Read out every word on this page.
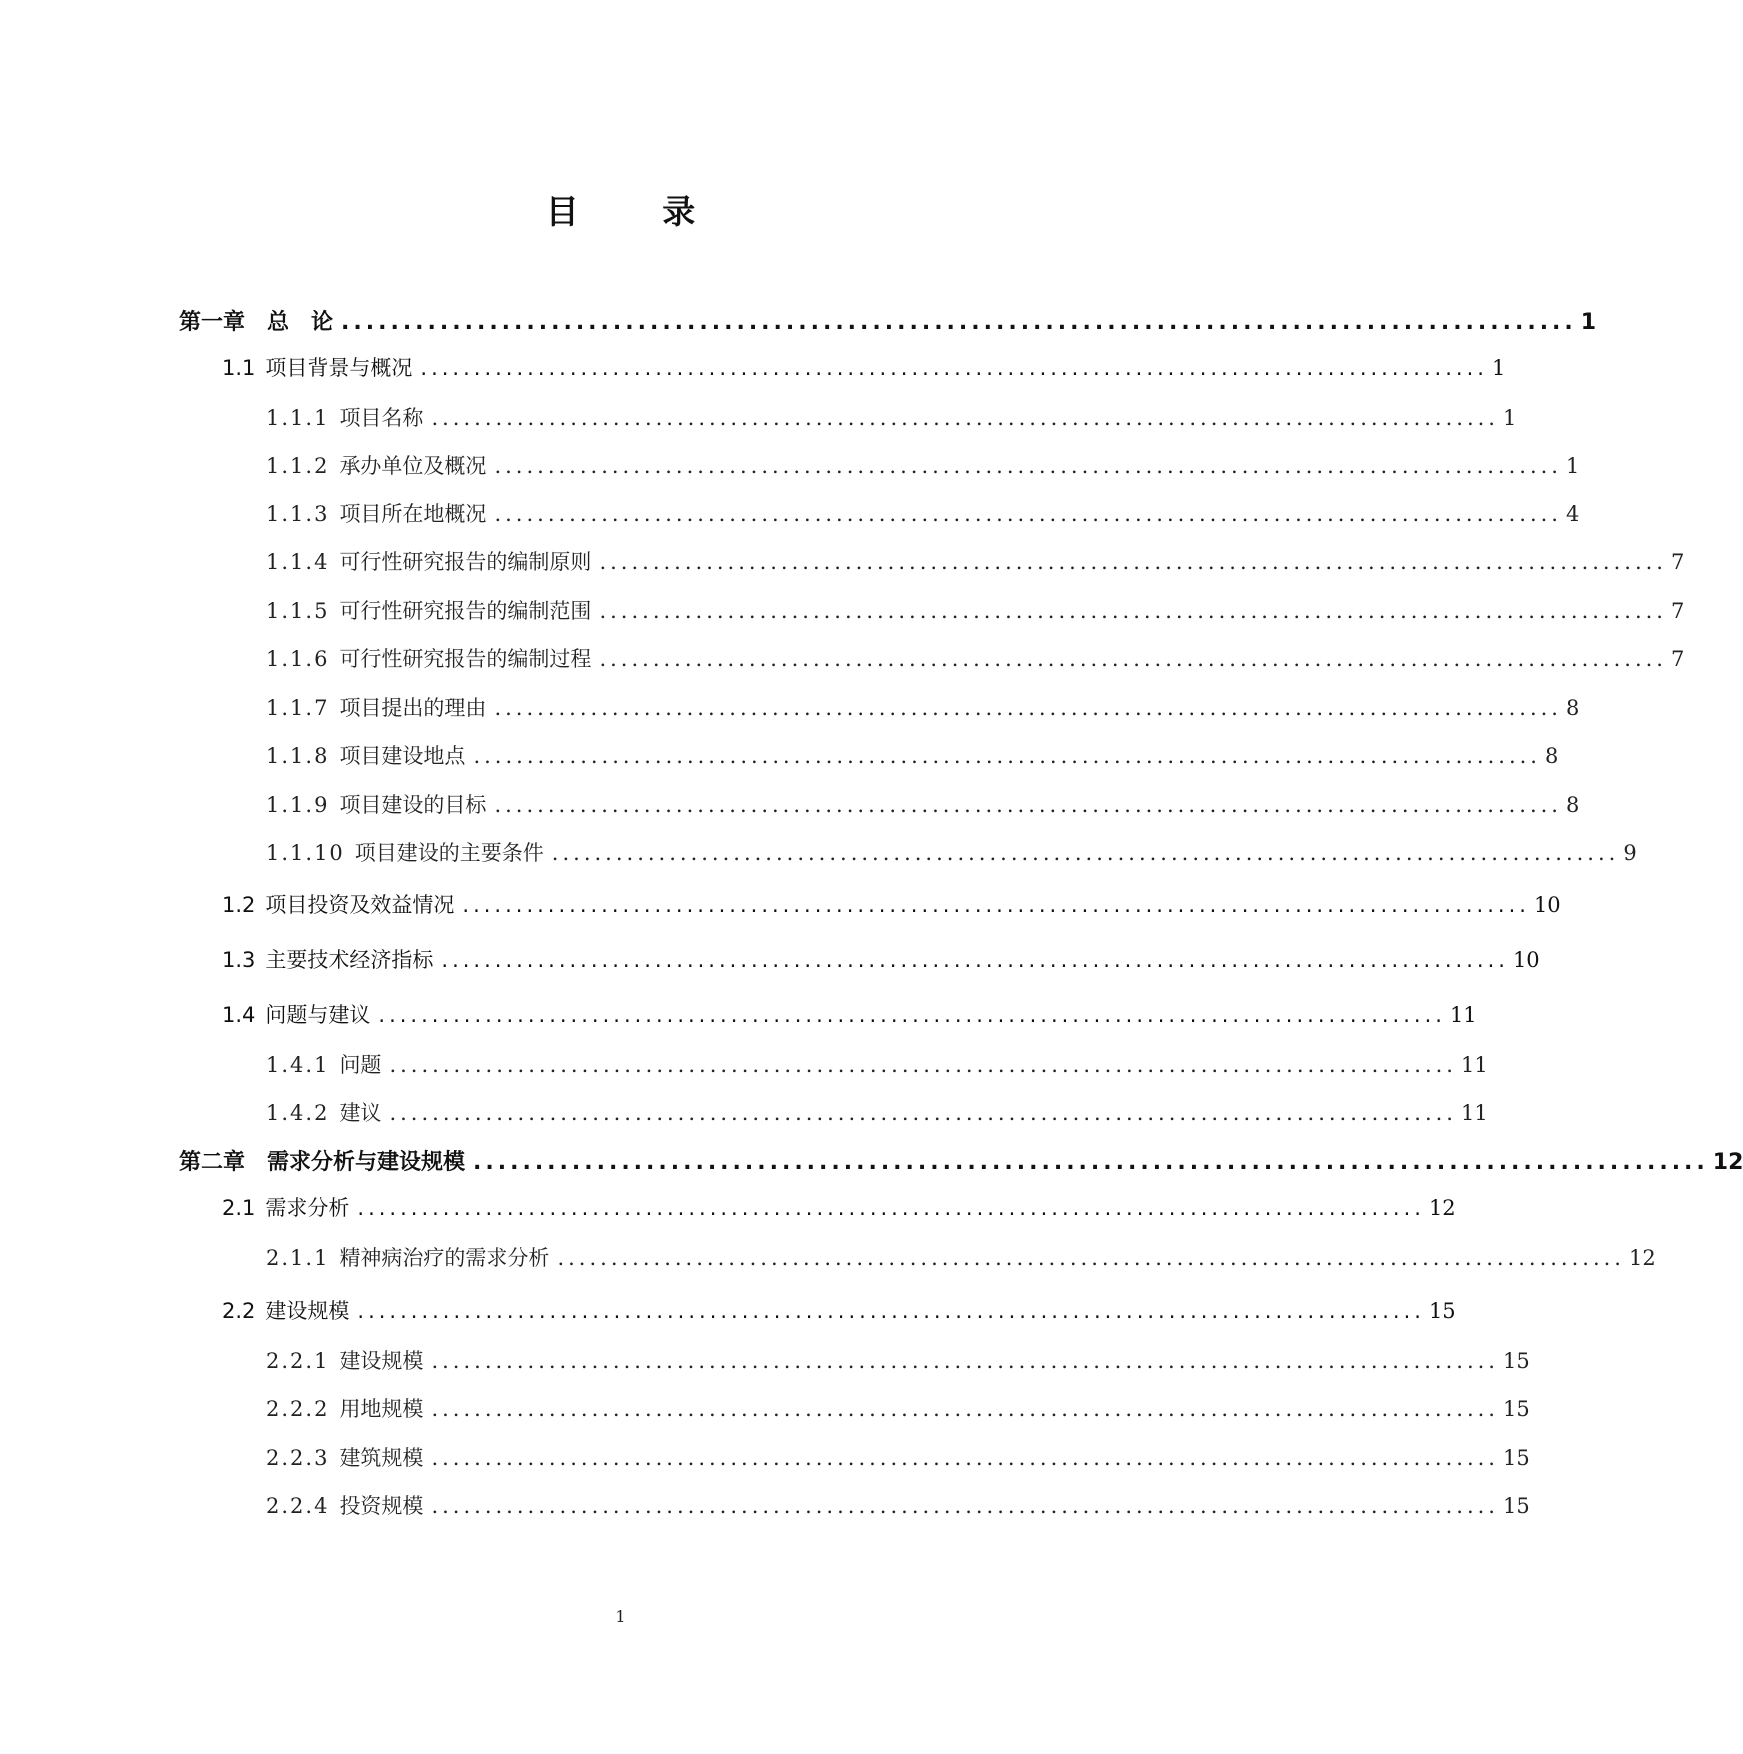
目 录
第一章 总　论 .................................................................................................... 1
1.1 项目背景与概况 .................................................................................................... 1
1.1.1 项目名称 .................................................................................................... 1
1.1.2 承办单位及概况 .................................................................................................... 1
1.1.3 项目所在地概况 .................................................................................................... 4
1.1.4 可行性研究报告的编制原则 .................................................................................................... 7
1.1.5 可行性研究报告的编制范围 .................................................................................................... 7
1.1.6 可行性研究报告的编制过程 .................................................................................................... 7
1.1.7 项目提出的理由 .................................................................................................... 8
1.1.8 项目建设地点 .................................................................................................... 8
1.1.9 项目建设的目标 .................................................................................................... 8
1.1.10 项目建设的主要条件 .................................................................................................... 9
1.2 项目投资及效益情况 .................................................................................................... 10
1.3 主要技术经济指标 .................................................................................................... 10
1.4 问题与建议 .................................................................................................... 11
1.4.1 问题 .................................................................................................... 11
1.4.2 建议 .................................................................................................... 11
第二章 需求分析与建设规模 .................................................................................................... 12
2.1 需求分析 .................................................................................................... 12
2.1.1 精神病治疗的需求分析 .................................................................................................... 12
2.2 建设规模 .................................................................................................... 15
2.2.1 建设规模 .................................................................................................... 15
2.2.2 用地规模 .................................................................................................... 15
2.2.3 建筑规模 .................................................................................................... 15
2.2.4 投资规模 .................................................................................................... 15
1
